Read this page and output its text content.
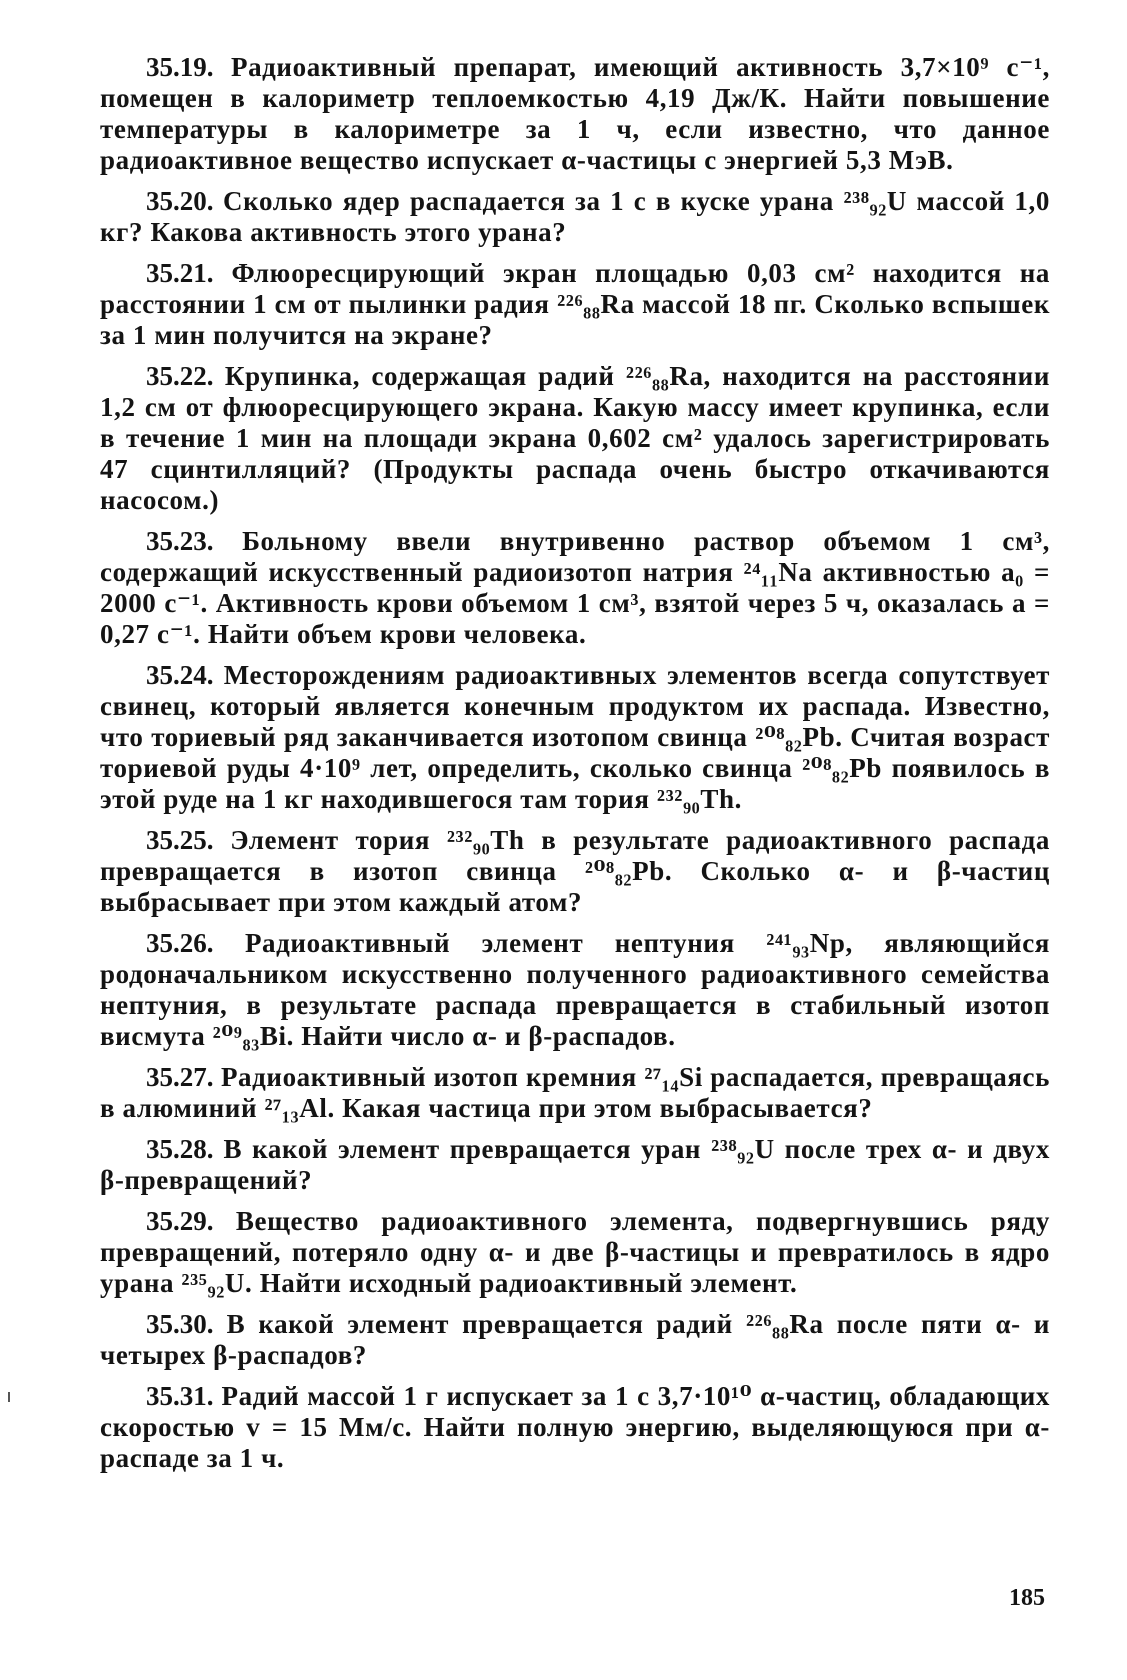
35.19. Радиоактивный препарат, имеющий активность 3,7×10⁹ с⁻¹, помещен в калориметр теплоемкостью 4,19 Дж/К. Найти повышение температуры в калориметре за 1 ч, если известно, что данное радиоактивное вещество испускает α-частицы с энергией 5,3 МэВ.

35.20. Сколько ядер распадается за 1 с в куске урана ²³⁸₉₂U массой 1,0 кг? Какова активность этого урана?

35.21. Флюоресцирующий экран площадью 0,03 см² находится на расстоянии 1 см от пылинки радия ²²⁶₈₈Ra массой 18 пг. Сколько вспышек за 1 мин получится на экране?

35.22. Крупинка, содержащая радий ²²⁶₈₈Ra, находится на расстоянии 1,2 см от флюоресцирующего экрана. Какую массу имеет крупинка, если в течение 1 мин на площади экрана 0,602 см² удалось зарегистрировать 47 сцинтилляций? (Продукты распада очень быстро откачиваются насосом.)

35.23. Больному ввели внутривенно раствор объемом 1 см³, содержащий искусственный радиоизотоп натрия ²⁴₁₁Na активностью a₀ = 2000 с⁻¹. Активность крови объемом 1 см³, взятой через 5 ч, оказалась a = 0,27 с⁻¹. Найти объем крови человека.

35.24. Месторождениям радиоактивных элементов всегда сопутствует свинец, который является конечным продуктом их распада. Известно, что ториевый ряд заканчивается изотопом свинца ²⁰⁸₈₂Pb. Считая возраст ториевой руды 4·10⁹ лет, определить, сколько свинца ²⁰⁸₈₂Pb появилось в этой руде на 1 кг находившегося там тория ²³²₉₀Th.

35.25. Элемент тория ²³²₉₀Th в результате радиоактивного распада превращается в изотоп свинца ²⁰⁸₈₂Pb. Сколько α- и β-частиц выбрасывает при этом каждый атом?

35.26. Радиоактивный элемент нептуния ²⁴¹₉₃Np, являющийся родоначальником искусственно полученного радиоактивного семейства нептуния, в результате распада превращается в стабильный изотоп висмута ²⁰⁹₈₃Bi. Найти число α- и β-распадов.

35.27. Радиоактивный изотоп кремния ²⁷₁₄Si распадается, превращаясь в алюминий ²⁷₁₃Al. Какая частица при этом выбрасывается?

35.28. В какой элемент превращается уран ²³⁸₉₂U после трех α- и двух β-превращений?

35.29. Вещество радиоактивного элемента, подвергнувшись ряду превращений, потеряло одну α- и две β-частицы и превратилось в ядро урана ²³⁵₉₂U. Найти исходный радиоактивный элемент.

35.30. В какой элемент превращается радий ²²⁶₈₈Ra после пяти α- и четырех β-распадов?

35.31. Радий массой 1 г испускает за 1 с 3,7·10¹⁰ α-частиц, обладающих скоростью v = 15 Мм/с. Найти полную энергию, выделяющуюся при α-распаде за 1 ч.

185
